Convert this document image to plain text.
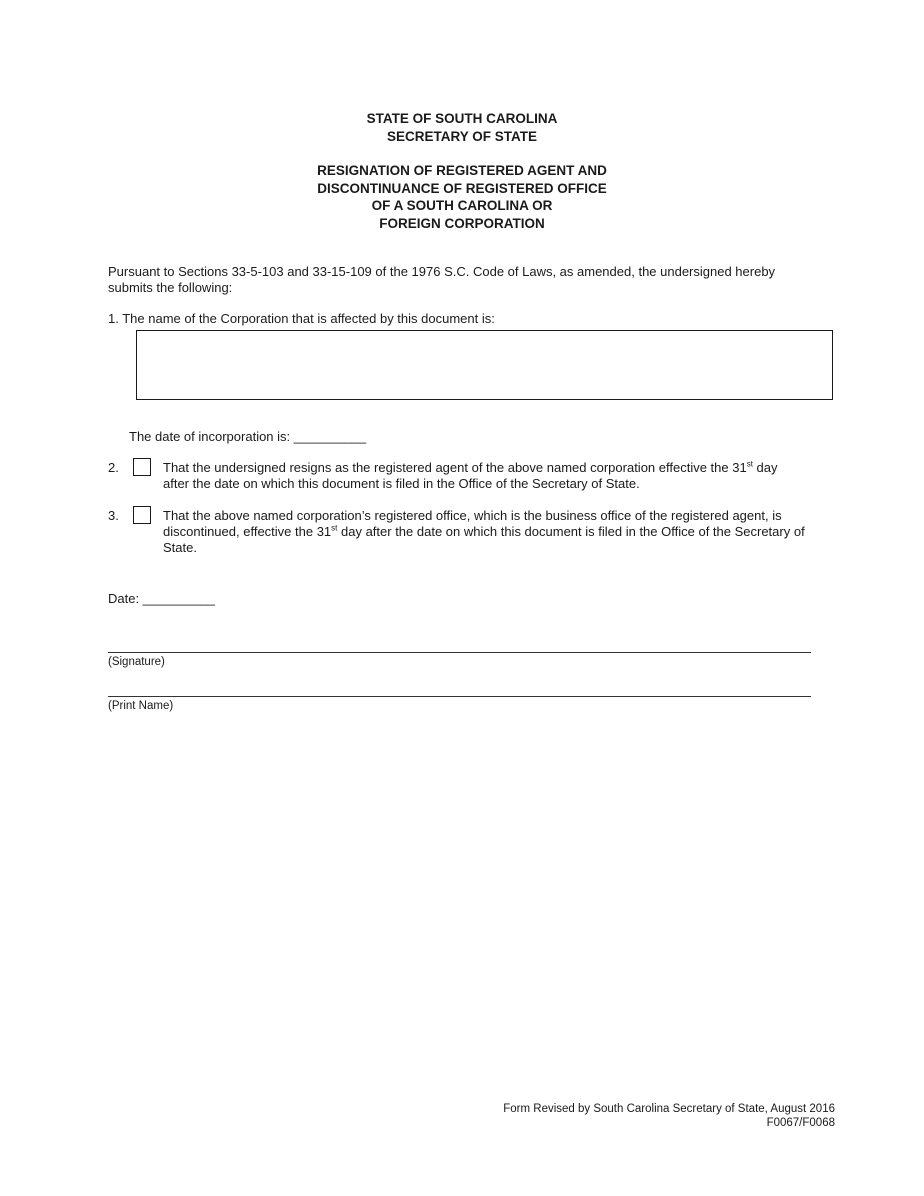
STATE OF SOUTH CAROLINA
SECRETARY OF STATE
RESIGNATION OF REGISTERED AGENT AND
DISCONTINUANCE OF REGISTERED OFFICE
OF A SOUTH CAROLINA OR
FOREIGN CORPORATION
Pursuant to Sections 33-5-103 and 33-15-109 of the 1976 S.C. Code of Laws, as amended, the undersigned hereby
submits the following:
1. The name of the Corporation that is affected by this document is:
The date of incorporation is: __________
2.	That the undersigned resigns as the registered agent of the above named corporation effective the 31st day
after the date on which this document is filed in the Office of the Secretary of State.
3.	That the above named corporation’s registered office, which is the business office of the registered agent, is
discontinued, effective the 31st day after the date on which this document is filed in the Office of the Secretary of
State.
Date: __________
(Signature)
(Print Name)
Form Revised by South Carolina Secretary of State, August 2016
F0067/F0068
